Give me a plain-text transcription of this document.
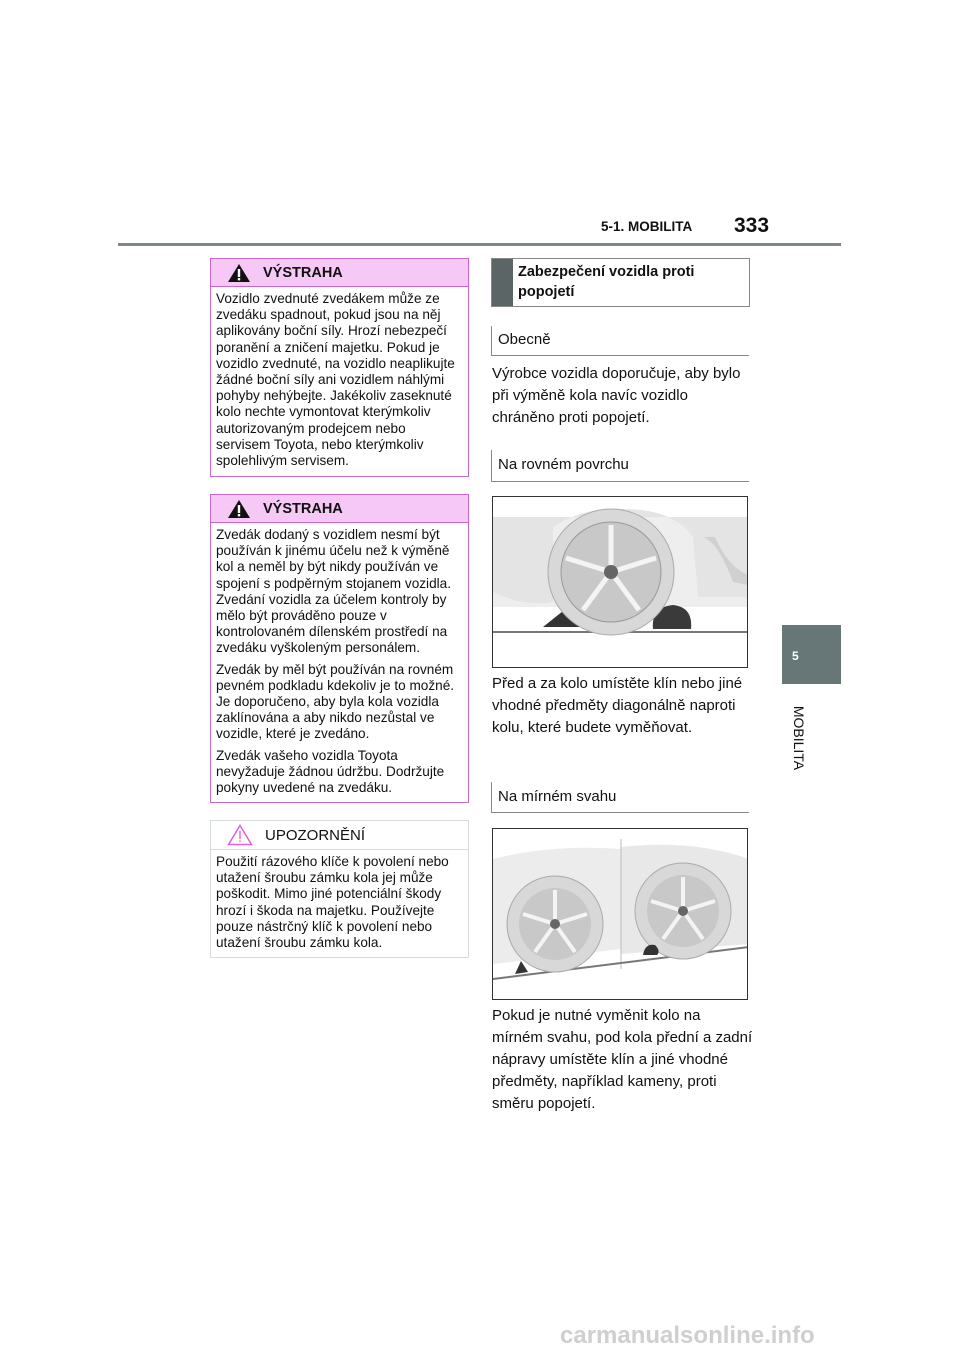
5-1. MOBILITA 333
5
MOBILITA
VÝSTRAHA

Vozidlo zvednuté zvedákem může ze zvedáku spadnout, pokud jsou na něj aplikovány boční síly. Hrozí nebezpečí poranění a zničení majetku. Pokud je vozidlo zvednuté, na vozidlo neaplikujte žádné boční síly ani vozidlem náhlými pohyby nehýbejte. Jakékoliv zaseknuté kolo nechte vymontovat kterýmkoliv autorizovaným prodejcem nebo servisem Toyota, nebo kterýmkoliv spolehlivým servisem.

VÝSTRAHA

Zvedák dodaný s vozidlem nesmí být používán k jinému účelu než k výměně kol a neměl by být nikdy používán ve spojení s podpěrným stojanem vozidla. Zvedání vozidla za účelem kontroly by mělo být prováděno pouze v kontrolovaném dílenském prostředí na zvedáku vyškoleným personálem.

Zvedák by měl být používán na rovném pevném podkladu kdekoliv je to možné. Je doporučeno, aby byla kola vozidla zaklínována a aby nikdo nezůstal ve vozidle, které je zvedáno.

Zvedák vašeho vozidla Toyota nevyžaduje žádnou údržbu. Dodržujte pokyny uvedené na zvedáku.

UPOZORNĚNÍ

Použití rázového klíče k povolení nebo utažení šroubu zámku kola jej může poškodit. Mimo jiné potenciální škody hrozí i škoda na majetku. Používejte pouze nástrčný klíč k povolení nebo utažení šroubu zámku kola.

Zabezpečení vozidla proti popojetí
Obecně
Výrobce vozidla doporučuje, aby bylo při výměně kola navíc vozidlo chráněno proti popojetí.
Na rovném povrchu
Před a za kolo umístěte klín nebo jiné vhodné předměty diagonálně naproti kolu, které budete vyměňovat.
Na mírném svahu
Pokud je nutné vyměnit kolo na mírném svahu, pod kola přední a zadní nápravy umístěte klín a jiné vhodné předměty, například kameny, proti směru popojetí.
carmanualsonline.info
